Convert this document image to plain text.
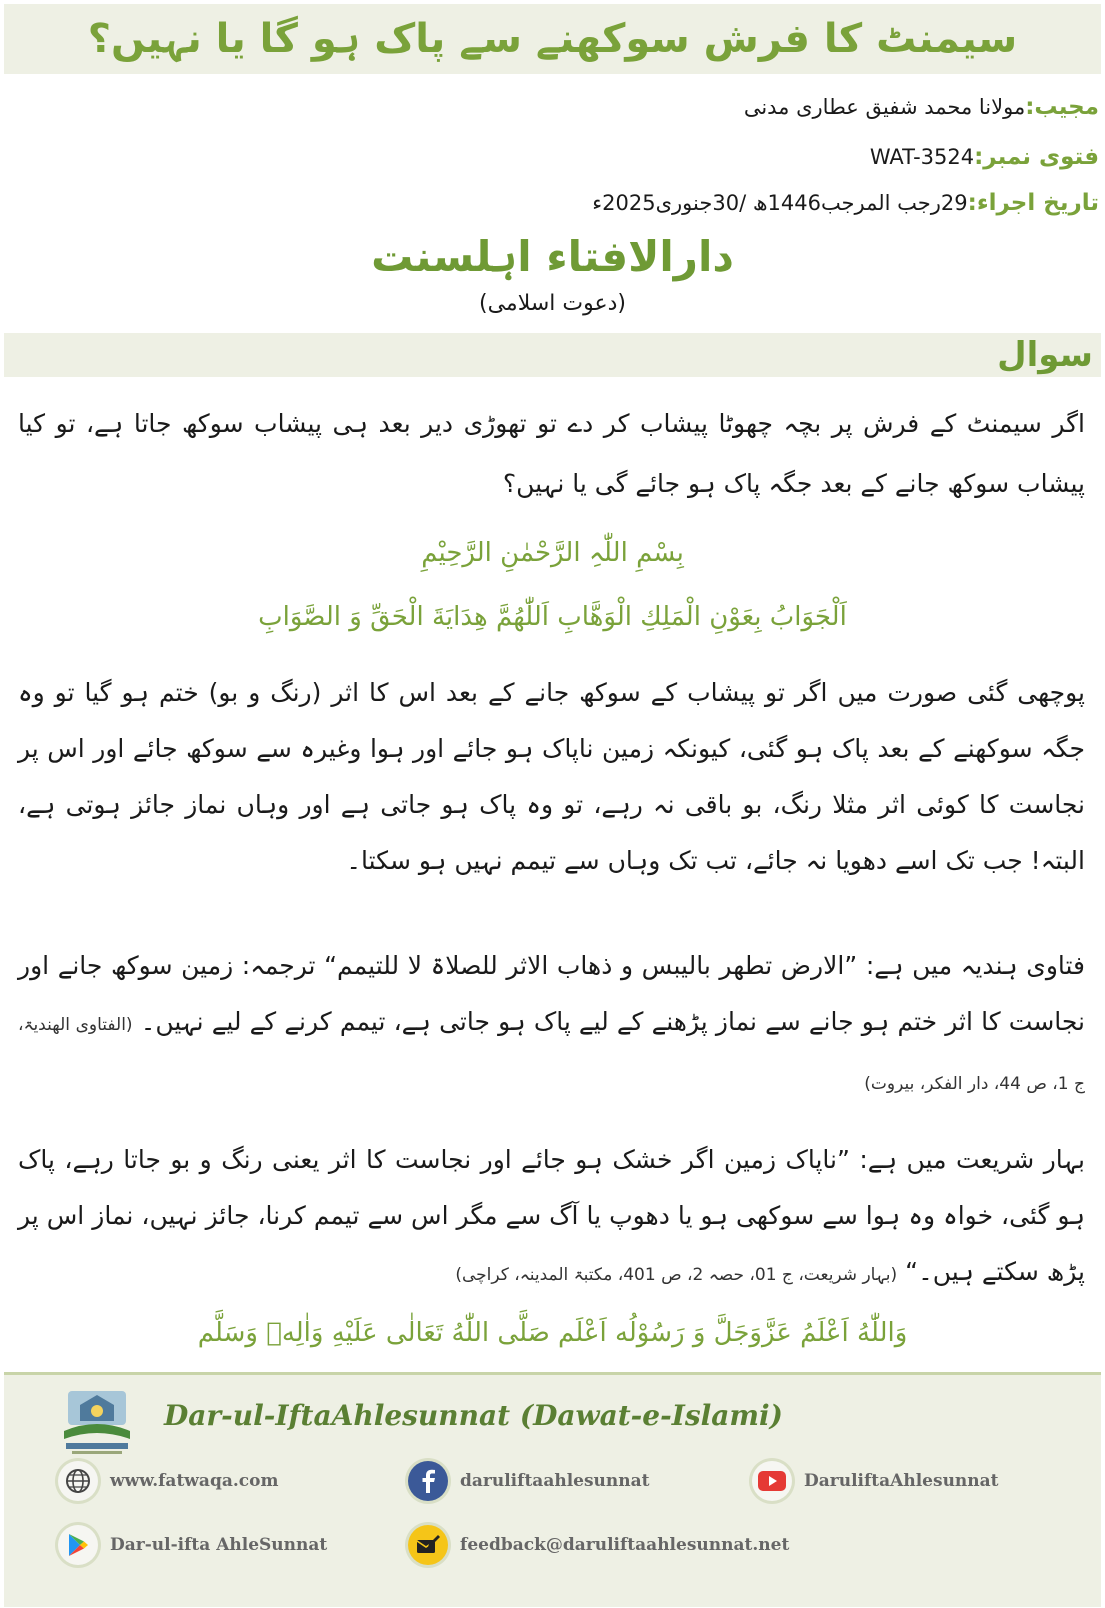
سیمنٹ کا فرش سوکھنے سے پاک ہو گا یا نہیں؟
مجیب:مولانا محمد شفیق عطاری مدنی
فتوی نمبر:WAT-3524
تاریخ اجراء:29رجب المرجب1446ھ /30جنوری2025ء
دارالافتاء اہلسنت
(دعوت اسلامی)
سوال
اگر سیمنٹ کے فرش پر بچہ چھوٹا پیشاب کر دے تو تھوڑی دیر بعد ہی پیشاب سوکھ جاتا ہے، تو کیا پیشاب سوکھ جانے کے بعد جگہ پاک ہو جائے گی یا نہیں؟
بِسْمِ اللّٰہِ الرَّحْمٰنِ الرَّحِیْمِ
اَلْجَوَابُ بِعَوْنِ الْمَلِكِ الْوَهَّابِ اَللّٰهُمَّ هِدَايَةَ الْحَقِّ وَ الصَّوَابِ
پوچھی گئی صورت میں اگر تو پیشاب کے سوکھ جانے کے بعد اس کا اثر (رنگ و بو) ختم ہو گیا تو وہ جگہ سوکھنے کے بعد پاک ہو گئی، کیونکہ زمین ناپاک ہو جائے اور ہوا وغیرہ سے سوکھ جائے اور اس پر نجاست کا کوئی اثر مثلا رنگ، بو باقی نہ رہے، تو وہ پاک ہو جاتی ہے اور وہاں نماز جائز ہوتی ہے، البتہ! جب تک اسے دھویا نہ جائے، تب تک وہاں سے تیمم نہیں ہو سکتا۔
فتاوی ہندیہ میں ہے: ”الارض تطھر بالیبس و ذھاب الاثر للصلاۃ لا للتیمم“ ترجمہ: زمین سوکھ جانے اور نجاست کا اثر ختم ہو جانے سے نماز پڑھنے کے لیے پاک ہو جاتی ہے، تیمم کرنے کے لیے نہیں۔ (الفتاوی الھندیۃ، ج 1، ص 44، دار الفکر، بیروت)
بہار شریعت میں ہے: ”ناپاک زمین اگر خشک ہو جائے اور نجاست کا اثر یعنی رنگ و بو جاتا رہے، پاک ہو گئی، خواہ وہ ہوا سے سوکھی ہو یا دھوپ یا آگ سے مگر اس سے تیمم کرنا، جائز نہیں، نماز اس پر پڑھ سکتے ہیں۔“ (بہار شریعت، ج 01، حصہ 2، ص 401، مکتبۃ المدینہ، کراچی)
وَاللّٰهُ اَعْلَمُ عَزَّوَجَلَّ وَ رَسُوْلُه اَعْلَم صَلَّى اللّٰهُ تَعَالٰى عَلَيْهِ وَاٰلِهٖ وَسَلَّم
Dar-ul-IftaAhlesunnat (Dawat-e-Islami)
www.fatwaqa.com	daruliftaahlesunnat	DaruliftaAhlesunnat
Dar-ul-ifta AhleSunnat	feedback@daruliftaahlesunnat.net
